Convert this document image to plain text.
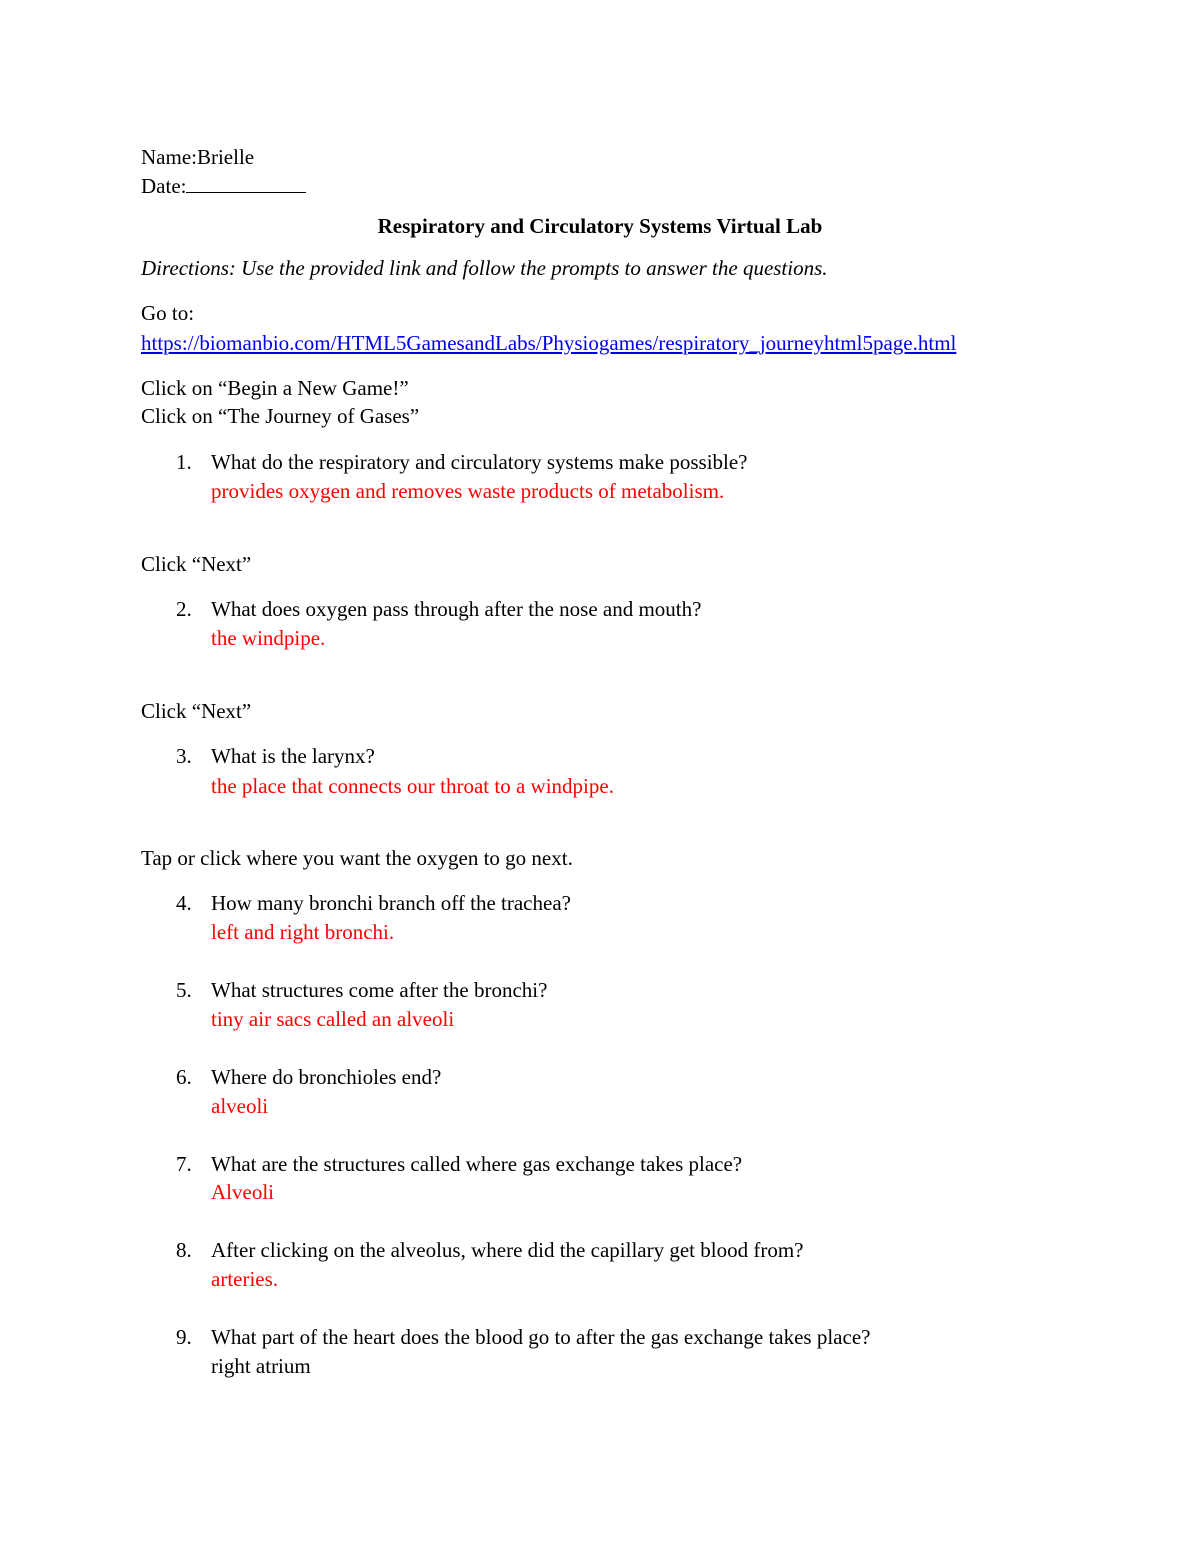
Name:Brielle
Date:
Respiratory and Circulatory Systems Virtual Lab
Directions: Use the provided link and follow the prompts to answer the questions.
Go to:
https://biomanbio.com/HTML5GamesandLabs/Physiogames/respiratory_journeyhtml5page.html
Click on “Begin a New Game!”
Click on “The Journey of Gases”
1. What do the respiratory and circulatory systems make possible?
provides oxygen and removes waste products of metabolism.
Click “Next”
2. What does oxygen pass through after the nose and mouth?
the windpipe.
Click “Next”
3. What is the larynx?
the place that connects our throat to a windpipe.
Tap or click where you want the oxygen to go next.
4. How many bronchi branch off the trachea?
left and right bronchi.
5. What structures come after the bronchi?
tiny air sacs called an alveoli
6. Where do bronchioles end?
alveoli
7. What are the structures called where gas exchange takes place?
Alveoli
8. After clicking on the alveolus, where did the capillary get blood from?
arteries.
9. What part of the heart does the blood go to after the gas exchange takes place?
right atrium
